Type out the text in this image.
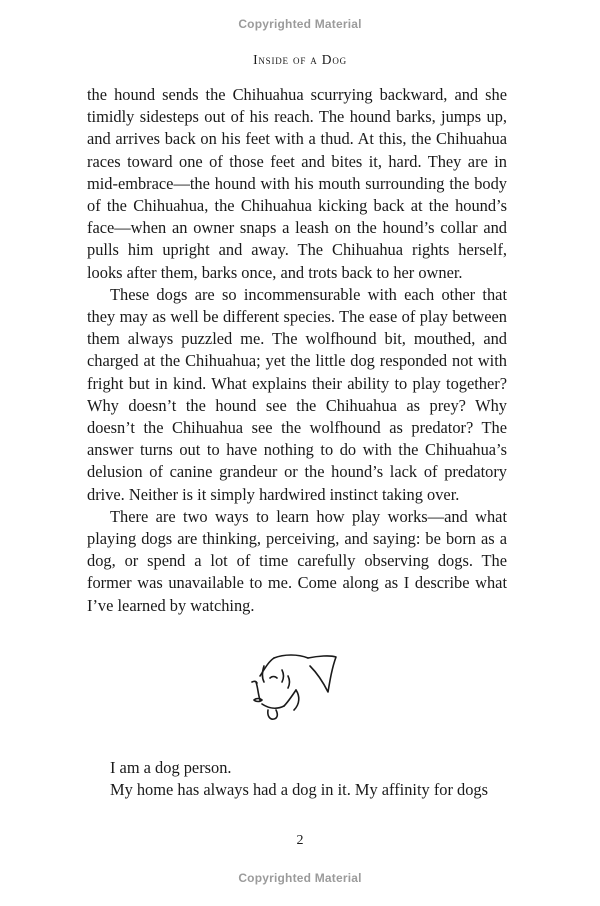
Copyrighted Material
Inside of a Dog

the hound sends the Chihuahua scurrying backward, and she timidly sidesteps out of his reach. The hound barks, jumps up, and arrives back on his feet with a thud. At this, the Chihuahua races toward one of those feet and bites it, hard. They are in mid-embrace—the hound with his mouth surrounding the body of the Chihuahua, the Chihuahua kicking back at the hound’s face—when an owner snaps a leash on the hound’s collar and pulls him upright and away. The Chihuahua rights herself, looks after them, barks once, and trots back to her owner.

These dogs are so incommensurable with each other that they may as well be different species. The ease of play between them always puzzled me. The wolfhound bit, mouthed, and charged at the Chihuahua; yet the little dog responded not with fright but in kind. What explains their ability to play together? Why doesn’t the hound see the Chihuahua as prey? Why doesn’t the Chihuahua see the wolfhound as predator? The answer turns out to have nothing to do with the Chihuahua’s delusion of canine grandeur or the hound’s lack of predatory drive. Neither is it simply hardwired instinct taking over.

There are two ways to learn how play works—and what playing dogs are thinking, perceiving, and saying: be born as a dog, or spend a lot of time carefully observing dogs. The former was unavailable to me. Come along as I describe what I’ve learned by watching.

I am a dog person.

My home has always had a dog in it. My affinity for dogs

2
Copyrighted Material
